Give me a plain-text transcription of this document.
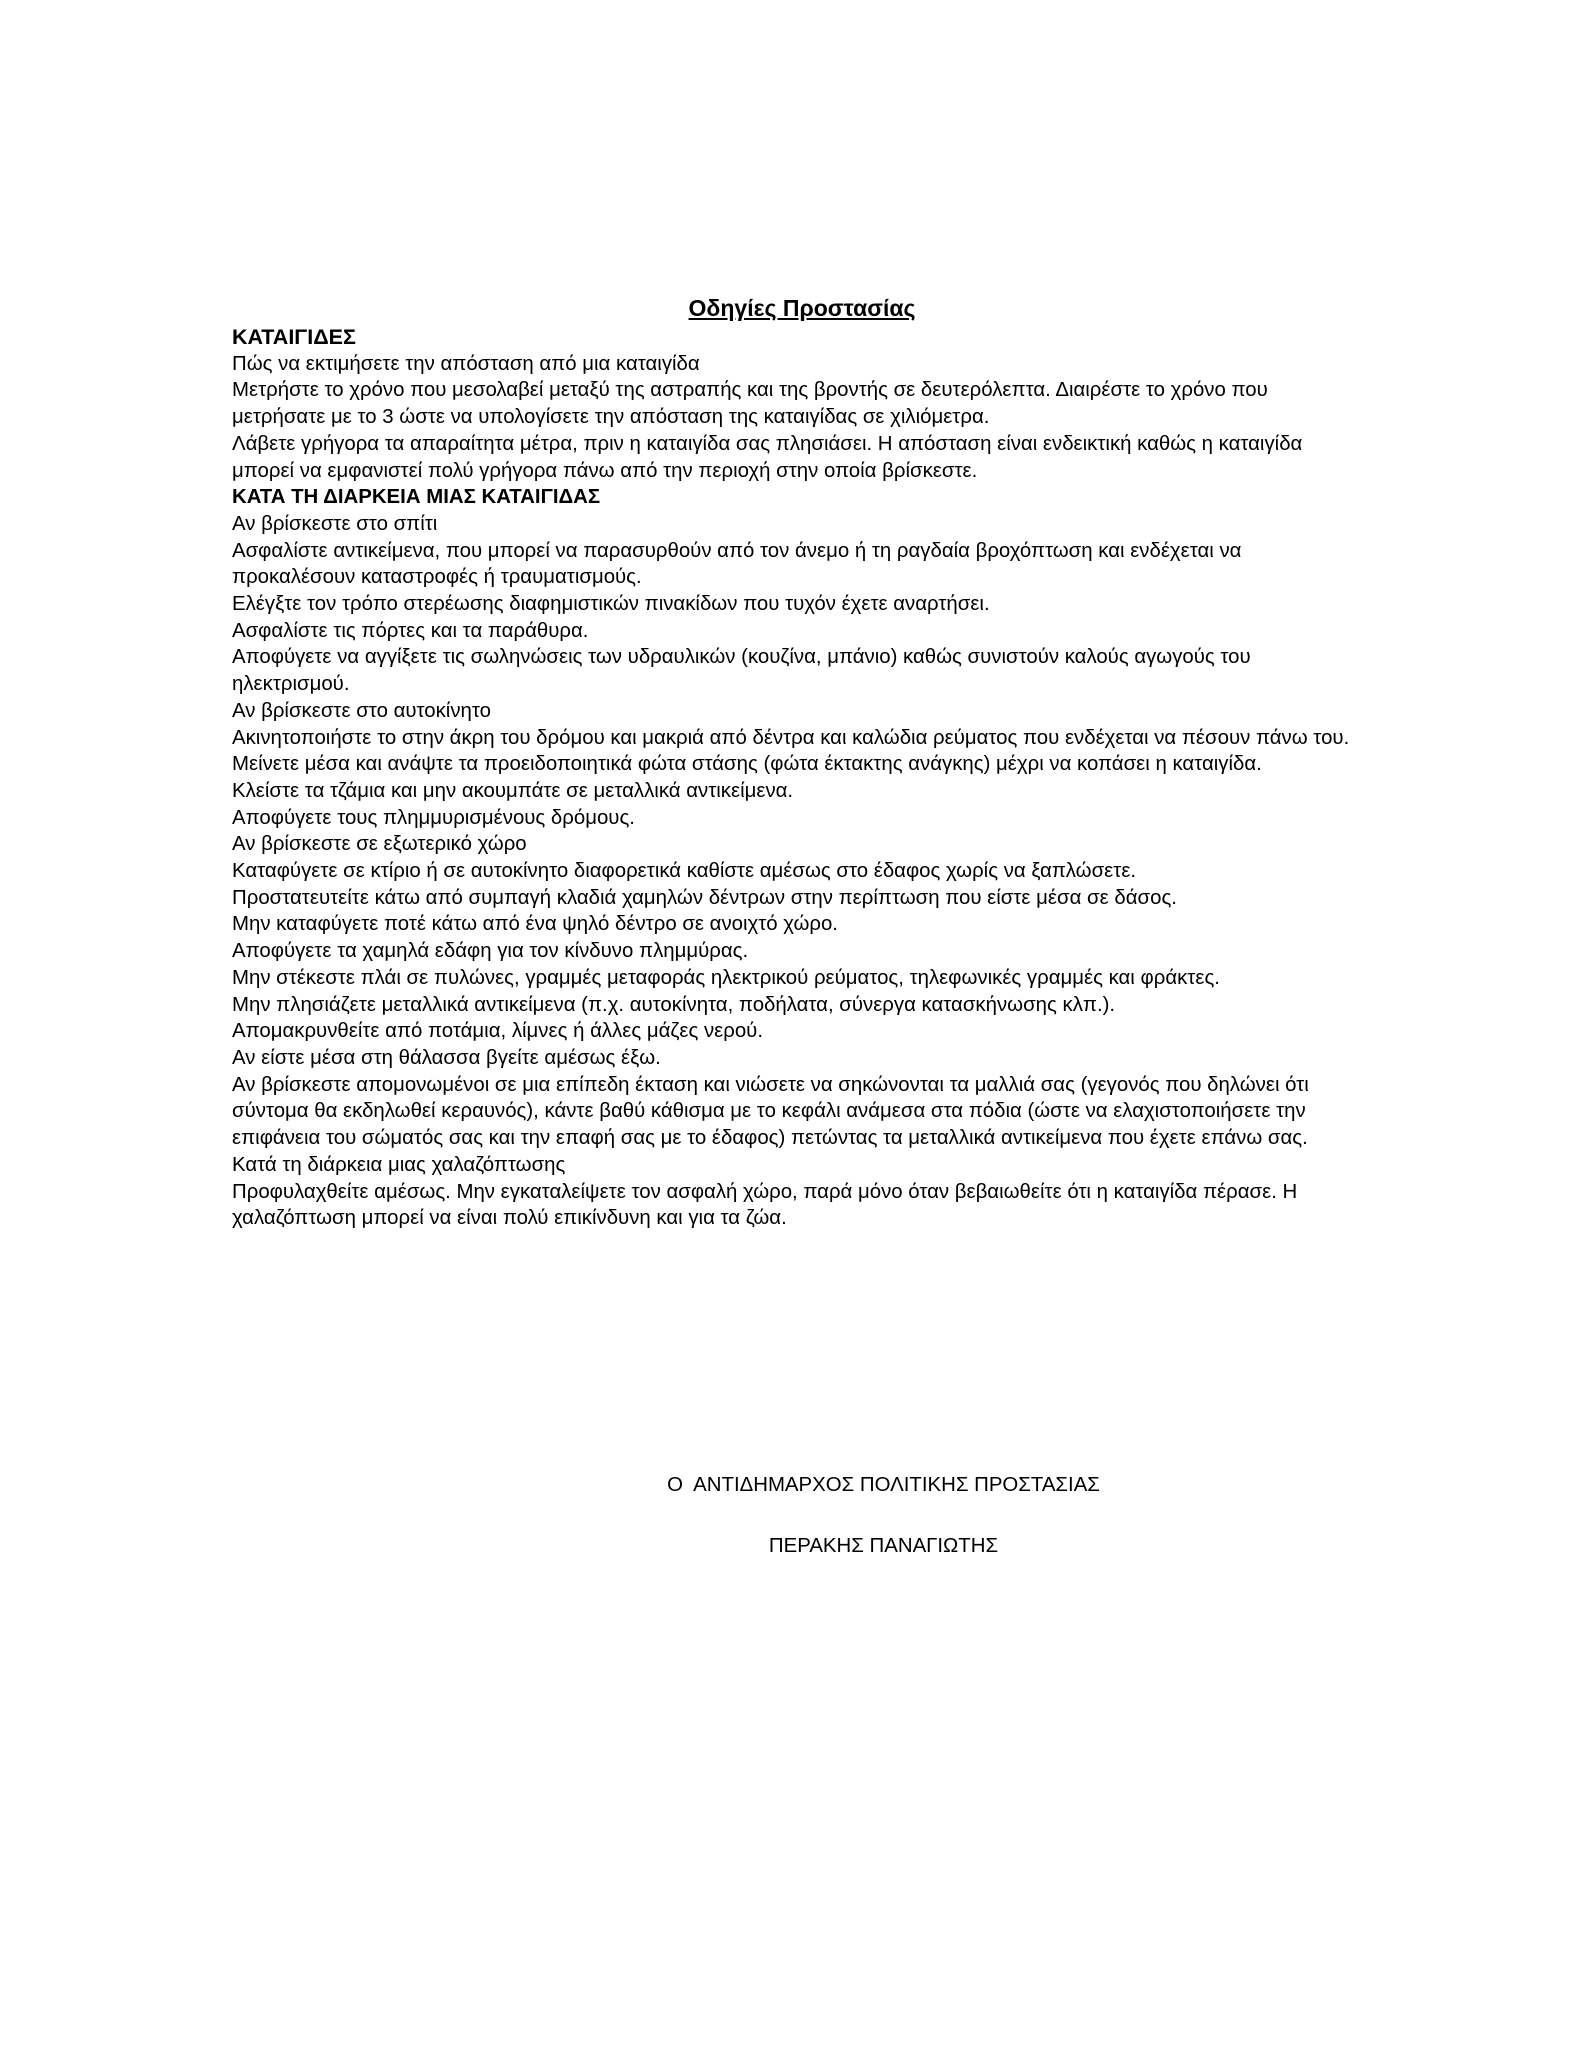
Οδηγίες Προστασίας

ΚΑΤΑΙΓΙΔΕΣ

Πώς να εκτιμήσετε την απόσταση από μια καταιγίδα

Μετρήστε το χρόνο που μεσολαβεί μεταξύ της αστραπής και της βροντής σε δευτερόλεπτα. Διαιρέστε το χρόνο που μετρήσατε με το 3 ώστε να υπολογίσετε την απόσταση της καταιγίδας σε χιλιόμετρα.

Λάβετε γρήγορα τα απαραίτητα μέτρα, πριν η καταιγίδα σας πλησιάσει. Η απόσταση είναι ενδεικτική καθώς η καταιγίδα μπορεί να εμφανιστεί πολύ γρήγορα πάνω από την περιοχή στην οποία βρίσκεστε.

ΚΑΤΑ ΤΗ ΔΙΑΡΚΕΙΑ ΜΙΑΣ ΚΑΤΑΙΓΙΔΑΣ

Αν βρίσκεστε στο σπίτι

Ασφαλίστε αντικείμενα, που μπορεί να παρασυρθούν από τον άνεμο ή τη ραγδαία βροχόπτωση και ενδέχεται να προκαλέσουν καταστροφές ή τραυματισμούς.

Ελέγξτε τον τρόπο στερέωσης διαφημιστικών πινακίδων που τυχόν έχετε αναρτήσει.

Ασφαλίστε τις πόρτες και τα παράθυρα.

Αποφύγετε να αγγίξετε τις σωληνώσεις των υδραυλικών (κουζίνα, μπάνιο) καθώς συνιστούν καλούς αγωγούς του ηλεκτρισμού.

Αν βρίσκεστε στο αυτοκίνητο

Ακινητοποιήστε το στην άκρη του δρόμου και μακριά από δέντρα και καλώδια ρεύματος που ενδέχεται να πέσουν πάνω του.

Μείνετε μέσα και ανάψτε τα προειδοποιητικά φώτα στάσης (φώτα έκτακτης ανάγκης) μέχρι να κοπάσει η καταιγίδα.

Κλείστε τα τζάμια και μην ακουμπάτε σε μεταλλικά αντικείμενα.

Αποφύγετε τους πλημμυρισμένους δρόμους.

Αν βρίσκεστε σε εξωτερικό χώρο

Καταφύγετε σε κτίριο ή σε αυτοκίνητο διαφορετικά καθίστε αμέσως στο έδαφος χωρίς να ξαπλώσετε.

Προστατευτείτε κάτω από συμπαγή κλαδιά χαμηλών δέντρων στην περίπτωση που είστε μέσα σε δάσος.

Μην καταφύγετε ποτέ κάτω από ένα ψηλό δέντρο σε ανοιχτό χώρο.

Αποφύγετε τα χαμηλά εδάφη για τον κίνδυνο πλημμύρας.

Μην στέκεστε πλάι σε πυλώνες, γραμμές μεταφοράς ηλεκτρικού ρεύματος, τηλεφωνικές γραμμές και φράκτες.

Μην πλησιάζετε μεταλλικά αντικείμενα (π.χ. αυτοκίνητα, ποδήλατα, σύνεργα κατασκήνωσης κλπ.).

Απομακρυνθείτε από ποτάμια, λίμνες ή άλλες μάζες νερού.

Αν είστε μέσα στη θάλασσα βγείτε αμέσως έξω.

Αν βρίσκεστε απομονωμένοι σε μια επίπεδη έκταση και νιώσετε να σηκώνονται τα μαλλιά σας (γεγονός που δηλώνει ότι σύντομα θα εκδηλωθεί κεραυνός), κάντε βαθύ κάθισμα με το κεφάλι ανάμεσα στα πόδια (ώστε να ελαχιστοποιήσετε την επιφάνεια του σώματός σας και την επαφή σας με το έδαφος) πετώντας τα μεταλλικά αντικείμενα που έχετε επάνω σας.

Κατά τη διάρκεια μιας χαλαζόπτωσης

Προφυλαχθείτε αμέσως. Μην εγκαταλείψετε τον ασφαλή χώρο, παρά μόνο όταν βεβαιωθείτε ότι η καταιγίδα πέρασε. Η χαλαζόπτωση μπορεί να είναι πολύ επικίνδυνη και για τα ζώα.

Ο  ΑΝΤΙΔΗΜΑΡΧΟΣ ΠΟΛΙΤΙΚΗΣ ΠΡΟΣΤΑΣΙΑΣ
ΠΕΡΑΚΗΣ ΠΑΝΑΓΙΩΤΗΣ
